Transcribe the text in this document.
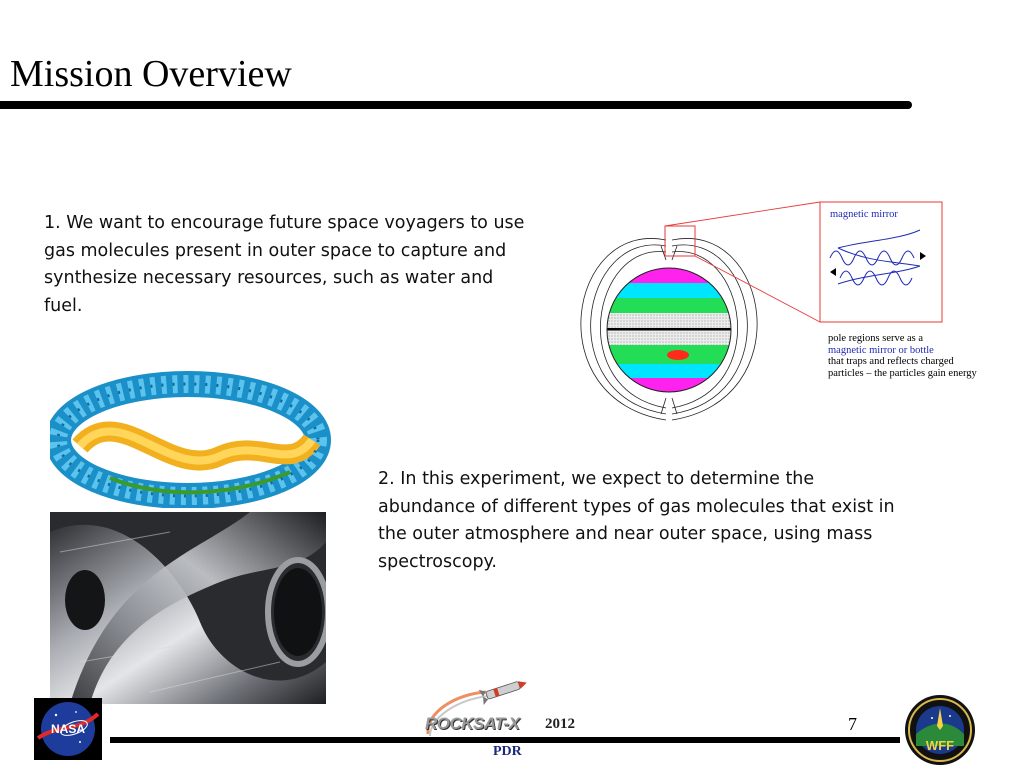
Mission Overview

1. We want to encourage future space voyagers to use gas molecules present in outer space to capture and synthesize necessary resources, such as water and fuel.

magnetic mirror

pole regions serve as a
magnetic mirror or bottle
that traps and reflects charged particles – the particles gain energy

2. In this experiment, we expect to determine the abundance of different types of gas molecules that exist in the outer atmosphere and near outer space, using mass spectroscopy.

NASA	ROCKSAT-X 2012

PDR

7

WFF
